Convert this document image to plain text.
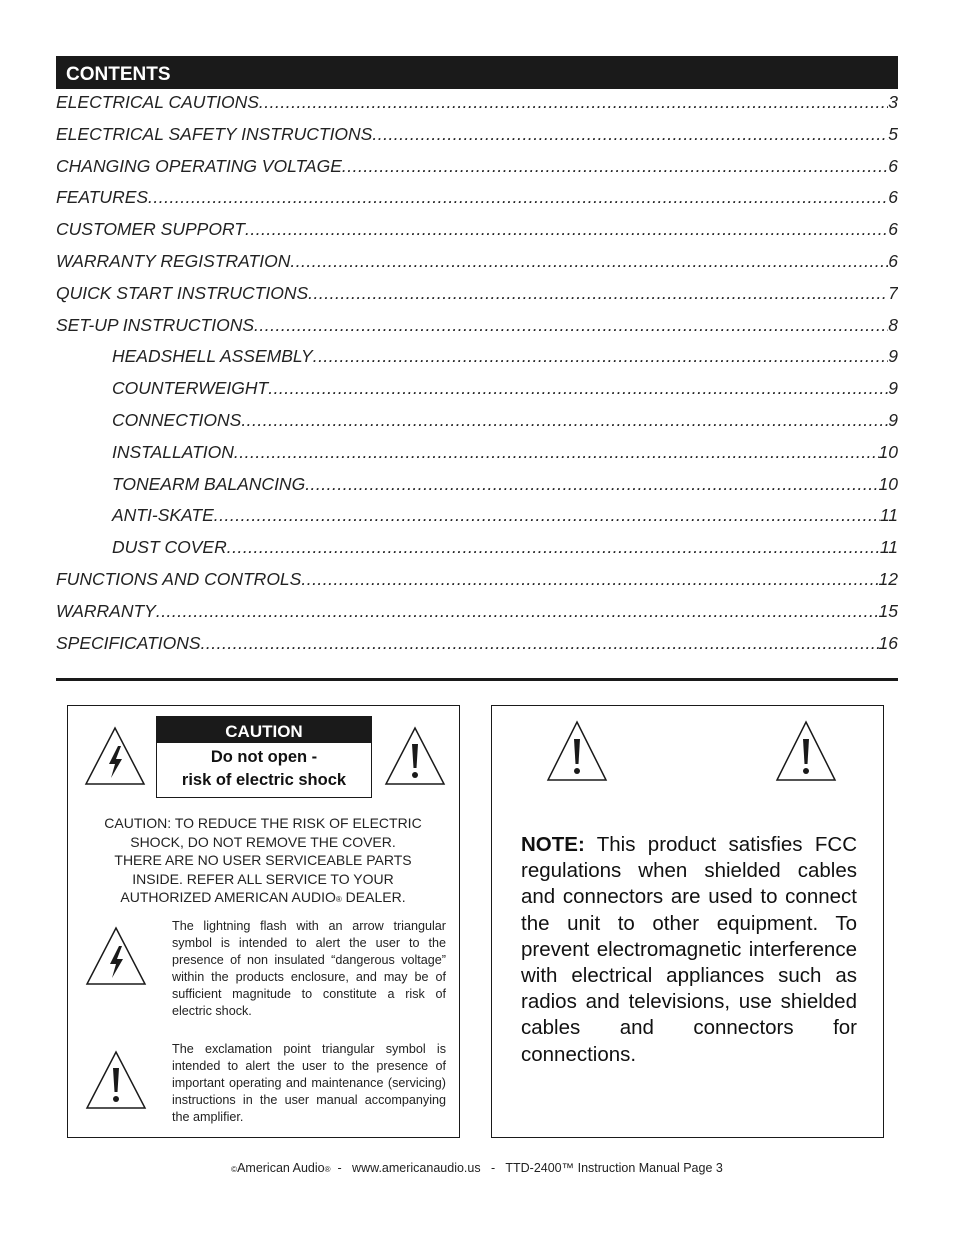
CONTENTS
ELECTRICAL CAUTIONS .....	3
ELECTRICAL SAFETY INSTRUCTIONS .....	5
CHANGING OPERATING VOLTAGE .....	6
FEATURES .....	6
CUSTOMER SUPPORT .....	6
WARRANTY REGISTRATION .....	6
QUICK START INSTRUCTIONS .....	7
SET-UP INSTRUCTIONS .....	8
HEADSHELL ASSEMBLY .....	9
COUNTERWEIGHT .....	9
CONNECTIONS .....	9
INSTALLATION .....	10
TONEARM BALANCING .....	10
ANTI-SKATE .....	11
DUST COVER .....	11
FUNCTIONS AND CONTROLS .....	12
WARRANTY .....	15
SPECIFICATIONS .....	16
CAUTION
Do not open -
risk of electric shock
CAUTION: TO REDUCE THE RISK OF ELECTRIC
SHOCK, DO NOT REMOVE THE COVER.
THERE ARE NO USER SERVICEABLE PARTS
INSIDE. REFER ALL SERVICE TO YOUR
AUTHORIZED AMERICAN AUDIO® DEALER.
The lightning flash with an arrow triangular symbol is intended to alert the user to the presence of non insulated “dangerous voltage” within the products enclosure, and may be of sufficient magnitude to constitute a risk of electric shock.
The exclamation point triangular symbol is intended to alert the user to the presence of important operating and maintenance (servicing) instructions in the user manual accompanying the amplifier.
NOTE: This product satisfies FCC regulations when shielded cables and connectors are used to connect the unit to other equipment. To prevent electromagnetic interference with electrical appliances such as radios and televisions, use shielded cables and connectors for connections.
©American Audio®  -   www.americanaudio.us   -   TTD-2400™ Instruction Manual Page 3
